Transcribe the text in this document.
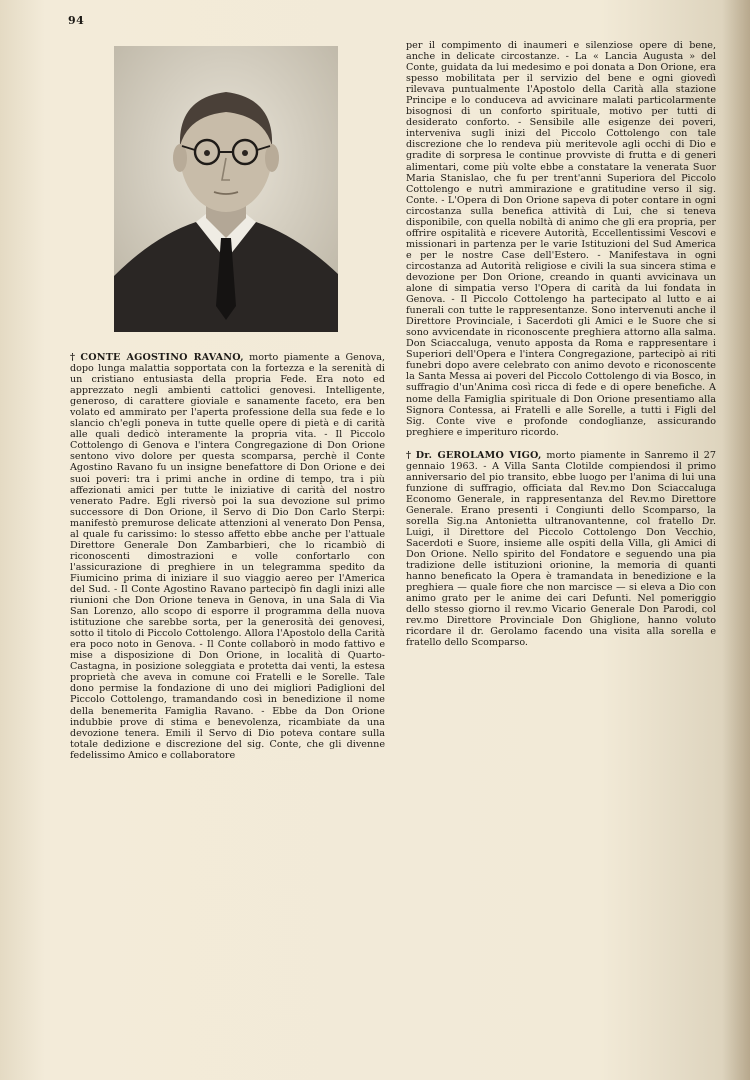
94
† CONTE AGOSTINO RAVANO, morto piamente a Genova, dopo lunga malattia sopportata con la fortezza e la serenità di un cristiano entusiasta della propria Fede. Era noto ed apprezzato negli ambienti cattolici genovesi. Intelligente, generoso, di carattere gioviale e sanamente faceto, era ben volato ed ammirato per l'aperta professione della sua fede e lo slancio ch'egli poneva in tutte quelle opere di pietà e di carità alle quali dedicò interamente la propria vita. - Il Piccolo Cottolengo di Genova e l'intera Congregazione di Don Orione sentono vivo dolore per questa scomparsa, perchè il Conte Agostino Ravano fu un insigne benefattore di Don Orione e dei suoi poveri: tra i primi anche in ordine di tempo, tra i più affezionati amici per tutte le iniziative di carità del nostro venerato Padre. Egli riversò poi la sua devozione sul primo successore di Don Orione, il Servo di Dio Don Carlo Sterpi: manifestò premurose delicate attenzioni al venerato Don Pensa, al quale fu carissimo: lo stesso affetto ebbe anche per l'attuale Direttore Generale Don Zambarbieri, che lo ricambiò di riconoscenti dimostrazioni e volle confortarlo con l'assicurazione di preghiere in un telegramma spedito da Fiumicino prima di iniziare il suo viaggio aereo per l'America del Sud. - Il Conte Agostino Ravano partecipò fin dagli inizi alle riunioni che Don Orione teneva in Genova, in una Sala di Via San Lorenzo, allo scopo di esporre il programma della nuova istituzione che sarebbe sorta, per la generosità dei genovesi, sotto il titolo di Piccolo Cottolengo. Allora l'Apostolo della Carità era poco noto in Genova. - Il Conte collaborò in modo fattivo e mise a disposizione di Don Orione, in località di Quarto-Castagna, in posizione soleggiata e protetta dai venti, la estesa proprietà che aveva in comune coi Fratelli e le Sorelle. Tale dono permise la fondazione di uno dei migliori Padiglioni del Piccolo Cottolengo, tramandando così in benedizione il nome della benemerita Famiglia Ravano. - Ebbe da Don Orione indubbie prove di stima e benevolenza, ricambiate da una devozione tenera. Emili il Servo di Dio poteva contare sulla totale dedizione e discrezione del sig. Conte, che gli divenne fedelissimo Amico e collaboratore
per il compimento di inaumeri e silenziose opere di bene, anche in delicate circostanze. - La « Lancia Augusta » del Conte, guidata da lui medesimo e poi donata a Don Orione, era spesso mobilitata per il servizio del bene e ogni giovedì rilevava puntualmente l'Apostolo della Carità alla stazione Principe e lo conduceva ad avvicinare malati particolarmente bisognosi di un conforto spirituale, motivo per tutti di desiderato conforto. - Sensibile alle esigenze dei poveri, interveniva sugli inizi del Piccolo Cottolengo con tale discrezione che lo rendeva più meritevole agli occhi di Dio e gradite di sorpresa le continue provviste di frutta e di generi alimentari, come più volte ebbe a constatare la venerata Suor Maria Stanislao, che fu per trent'anni Superiora del Piccolo Cottolengo e nutrì ammirazione e gratitudine verso il sig. Conte. - L'Opera di Don Orione sapeva di poter contare in ogni circostanza sulla benefica attività di Lui, che si teneva disponibile, con quella nobiltà di animo che gli era propria, per offrire ospitalità e ricevere Autorità, Eccellentissimi Vescovi e missionari in partenza per le varie Istituzioni del Sud America e per le nostre Case dell'Estero. - Manifestava in ogni circostanza ad Autorità religiose e civili la sua sincera stima e devozione per Don Orione, creando in quanti avvicinava un alone di simpatia verso l'Opera di carità da lui fondata in Genova. - Il Piccolo Cottolengo ha partecipato al lutto e ai funerali con tutte le rappresentanze. Sono intervenuti anche il Direttore Provinciale, i Sacerdoti gli Amici e le Suore che si sono avvicendate in riconoscente preghiera attorno alla salma. Don Sciaccaluga, venuto apposta da Roma e rappresentare i Superiori dell'Opera e l'intera Congregazione, partecipò ai riti funebri dopo avere celebrato con animo devoto e riconoscente la Santa Messa ai poveri del Piccolo Cottolengo di via Bosco, in suffragio d'un'Anima così ricca di fede e di opere benefiche. A nome della Famiglia spirituale di Don Orione presentiamo alla Signora Contessa, ai Fratelli e alle Sorelle, a tutti i Figli del Sig. Conte vive e profonde condoglianze, assicurando preghiere e imperituro ricordo.
† Dr. GEROLAMO VIGO, morto piamente in Sanremo il 27 gennaio 1963. - A Villa Santa Clotilde compiendosi il primo anniversario del pio transito, ebbe luogo per l'anima di lui una funzione di suffragio, officiata dal Rev.mo Don Sciaccaluga Economo Generale, in rappresentanza del Rev.mo Direttore Generale. Erano presenti i Congiunti dello Scomparso, la sorella Sig.na Antonietta ultranovantenne, col fratello Dr. Luigi, il Direttore del Piccolo Cottolengo Don Vecchio, Sacerdoti e Suore, insieme alle ospiti della Villa, gli Amici di Don Orione. Nello spirito del Fondatore e seguendo una pia tradizione delle istituzioni orionine, la memoria di quanti hanno beneficato la Opera è tramandata in benedizione e la preghiera — quale fiore che non marcisce — si eleva a Dio con animo grato per le anime dei cari Defunti. Nel pomeriggio dello stesso giorno il rev.mo Vicario Generale Don Parodi, col rev.mo Direttore Provinciale Don Ghiglione, hanno voluto ricordare il dr. Gerolamo facendo una visita alla sorella e fratello dello Scomparso.
